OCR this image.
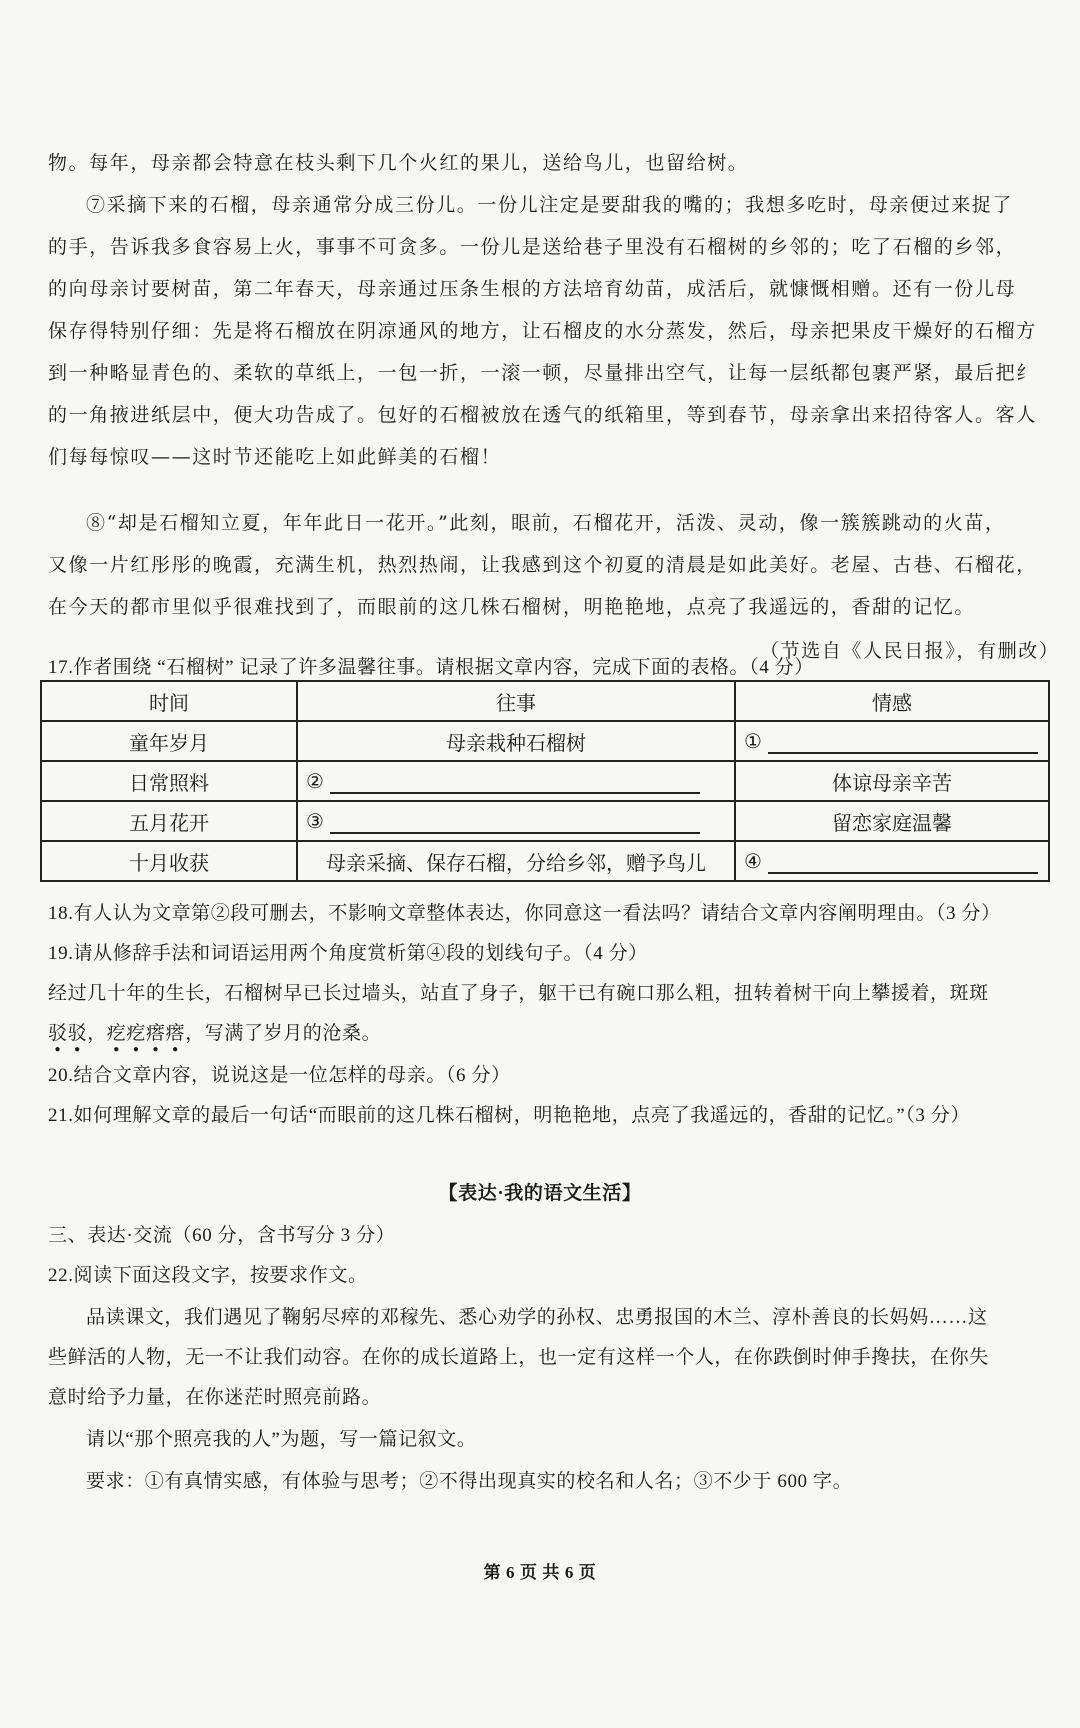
物。每年，母亲都会特意在枝头剩下几个火红的果儿，送给鸟儿，也留给树。
⑦采摘下来的石榴，母亲通常分成三份儿。一份儿注定是要甜我的嘴的；我想多吃时，母亲便过来捉了
的手，告诉我多食容易上火，事事不可贪多。一份儿是送给巷子里没有石榴树的乡邻的；吃了石榴的乡邻，
的向母亲讨要树苗，第二年春天，母亲通过压条生根的方法培育幼苗，成活后，就慷慨相赠。还有一份儿母
保存得特别仔细：先是将石榴放在阴凉通风的地方，让石榴皮的水分蒸发，然后，母亲把果皮干燥好的石榴方
到一种略显青色的、柔软的草纸上，一包一折，一滚一顿，尽量排出空气，让每一层纸都包裹严紧，最后把纟
的一角掖进纸层中，便大功告成了。包好的石榴被放在透气的纸箱里，等到春节，母亲拿出来招待客人。客人
们每每惊叹——这时节还能吃上如此鲜美的石榴！
⑧“却是石榴知立夏，年年此日一花开。”此刻，眼前，石榴花开，活泼、灵动，像一簇簇跳动的火苗，
又像一片红彤彤的晚霞，充满生机，热烈热闹，让我感到这个初夏的清晨是如此美好。老屋、古巷、石榴花，
在今天的都市里似乎很难找到了，而眼前的这几株石榴树，明艳艳地，点亮了我遥远的，香甜的记忆。
（节选自《人民日报》，有删改）
17.作者围绕 “石榴树” 记录了许多温馨往事。请根据文章内容，完成下面的表格。（4 分）
时间	往事	情感
童年岁月	母亲栽种石榴树	①
日常照料	②	体谅母亲辛苦
五月花开	③	留恋家庭温馨
十月收获	母亲采摘、保存石榴，分给乡邻，赠予鸟儿	④
18.有人认为文章第②段可删去，不影响文章整体表达，你同意这一看法吗？请结合文章内容阐明理由。（3 分）
19.请从修辞手法和词语运用两个角度赏析第④段的划线句子。（4 分）
经过几十年的生长，石榴树早已长过墙头，站直了身子，躯干已有碗口那么粗，扭转着树干向上攀援着，斑斑
驳驳，疙疙瘩瘩，写满了岁月的沧桑。
20.结合文章内容，说说这是一位怎样的母亲。（6 分）
21.如何理解文章的最后一句话“而眼前的这几株石榴树，明艳艳地，点亮了我遥远的，香甜的记忆。”（3 分）
【表达·我的语文生活】
三、表达·交流（60 分，含书写分 3 分）
22.阅读下面这段文字，按要求作文。
品读课文，我们遇见了鞠躬尽瘁的邓稼先、悉心劝学的孙权、忠勇报国的木兰、淳朴善良的长妈妈……这
些鲜活的人物，无一不让我们动容。在你的成长道路上，也一定有这样一个人，在你跌倒时伸手搀扶，在你失
意时给予力量，在你迷茫时照亮前路。
请以“那个照亮我的人”为题，写一篇记叙文。
要求：①有真情实感，有体验与思考；②不得出现真实的校名和人名；③不少于 600 字。
第 6 页 共 6 页
